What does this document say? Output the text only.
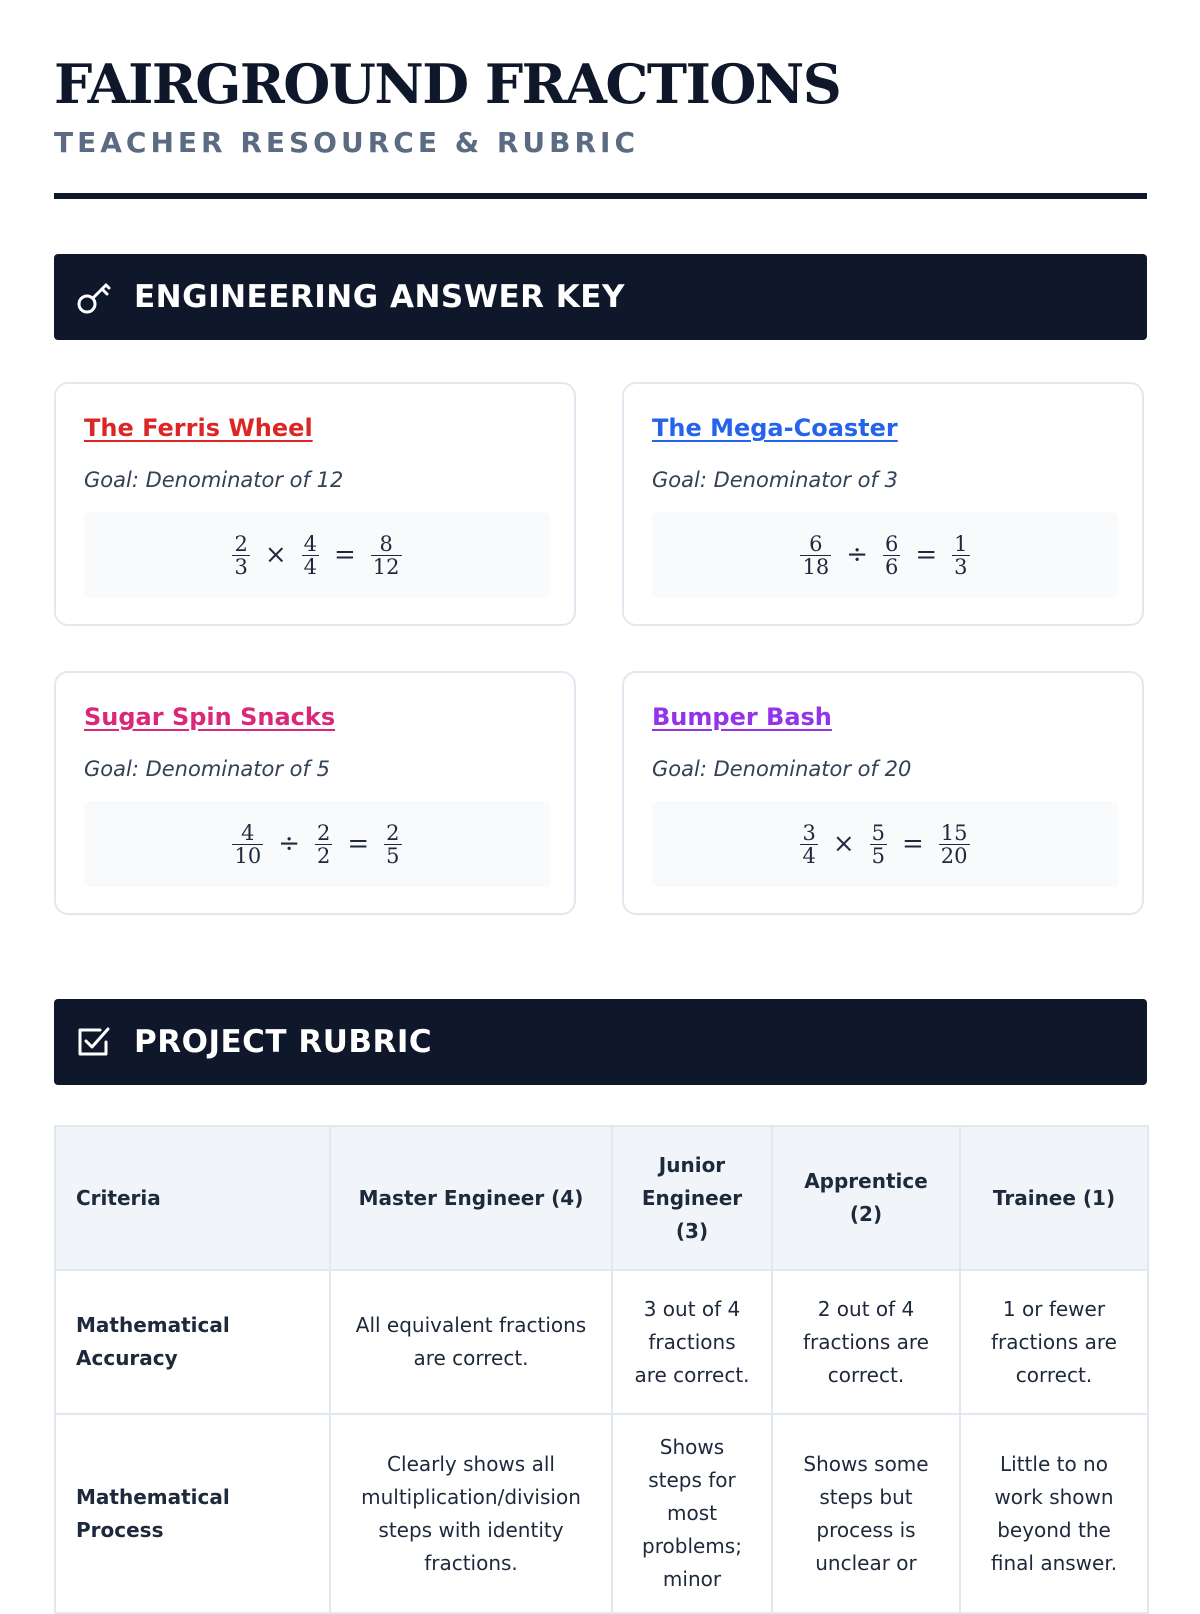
FAIRGROUND FRACTIONS
TEACHER RESOURCE & RUBRIC
ENGINEERING ANSWER KEY
The Ferris Wheel
Goal: Denominator of 12
$\frac{2}{3} \times \frac{4}{4} = \frac{8}{12}$
The Mega-Coaster
Goal: Denominator of 3
$\frac{6}{18} \div \frac{6}{6} = \frac{1}{3}$
Sugar Spin Snacks
Goal: Denominator of 5
$\frac{4}{10} \div \frac{2}{2} = \frac{2}{5}$
Bumper Bash
Goal: Denominator of 20
$\frac{3}{4} \times \frac{5}{5} = \frac{15}{20}$
PROJECT RUBRIC
Criteria	Master Engineer (4)	Junior Engineer (3)	Apprentice (2)	Trainee (1)
Mathematical Accuracy	All equivalent fractions are correct.	3 out of 4 fractions are correct.	2 out of 4 fractions are correct.	1 or fewer fractions are correct.
Mathematical Process	Clearly shows all multiplication/division steps with identity fractions.	Shows steps for most problems; minor	Shows some steps but process is unclear or	Little to no work shown beyond the final answer.
